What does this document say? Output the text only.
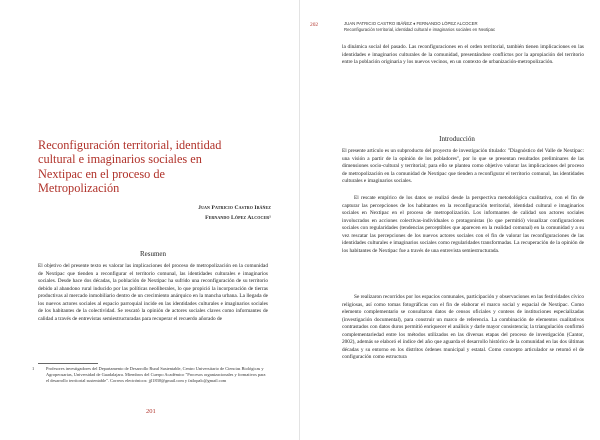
Reconfiguración territorial, identidad cultural e imaginarios sociales en Nextipac en el proceso de Metropolización
Juan Patricio Castro Ibáñez
Fernando López Alcocer¹
Resumen

El objetivo del presente texto es valorar las implicaciones del proceso de metropolización en la comunidad de Nextipac que tienden a reconfigurar el territorio comunal, las identidades culturales e imaginarios sociales. Desde hace dos décadas, la población de Nextipac ha sufrido una reconfiguración de su territorio debido al abandono rural inducido por las políticas neoliberales, lo que propició la incorporación de tierras productivas al mercado inmobiliario dentro de un crecimiento anárquico en la mancha urbana. La llegada de los nuevos actores sociales al espacio parroquial incide en las identidades culturales e imaginarios sociales de los habitantes de la colectividad. Se rescató la opinión de actores sociales claves como informantes de calidad a través de entrevistas semiestructuradas para recuperar el recuerdo añorado de

1	Profesores investigadores del Departamento de Desarrollo Rural Sustentable, Centro Universitario de Ciencias Biológicas y Agropecuarias, Universidad de Guadalajara. Miembros del Cuerpo Académico "Procesos organizacionales y formativos para el desarrollo territorial sustentable". Correos electrónicos: jjl1830@gmail.com y fatlopalc@gmail.com
201
202	JUAN PATRICIO CASTRO IBÁÑEZ ♦ FERNANDO LÓPEZ ALCOCER
Reconfiguración territorial, identidad cultural e imaginarios sociales en Nextipac

la dinámica social del pasado. Las reconfiguraciones en el orden territorial, también tienen implicaciones en las identidades e imaginarios culturales de la comunidad, presentándose conflictos por la apropiación del territorio entre la población originaria y los nuevos vecinos, en un contexto de urbanización-metropolización.

Introducción

El presente artículo es un subproducto del proyecto de investigación titulado: "Diagnóstico del Valle de Nextipac: una visión a partir de la opinión de los pobladores", por lo que se presentan resultados preliminares de las dimensiones socio-cultural y territorial; para ello se plantea como objetivo valorar las implicaciones del proceso de metropolización en la comunidad de Nextipac que tienden a reconfigurar el territorio comunal, las identidades culturales e imaginarios sociales.

El rescate empírico de los datos se realizó desde la perspectiva metodológica cualitativa, con el fin de capturar las percepciones de los habitantes en la reconfiguración territorial, identidad cultural e imaginarios sociales en Nextipac en el proceso de metropolización. Los informantes de calidad son actores sociales involucrados en acciones colectivas-individuales o protagonistas (lo que permitió) visualizar configuraciones sociales con regularidades (tendencias perceptibles que aparecen en la realidad comunal) en la comunidad y a su vez rescatar las percepciones de los nuevos actores sociales con el fin de valorar las reconfiguraciones de las identidades culturales e imaginarios sociales como regularidades transformadas. La recuperación de la opinión de los habitantes de Nextipac fue a través de una entrevista semiestructurada.

Se realizaron recorridos por los espacios comunales, participación y observaciones en las festividades cívico religiosas, así como tomas fotográficas con el fin de elaborar el marco social y espacial de Nextipac. Como elemento complementario se consultaron datos de censos oficiales y conteos de instituciones especializadas (investigación documental), para construir un marco de referencia. La combinación de elementos cualitativos contrastados con datos duros permitió enriquecer el análisis y darle mayor consistencia; la triangulación confirmó complementariedad entre los métodos utilizados en las diversas etapas del proceso de investigación (Cantor, 2002), además se elaboró el índice del año que aguarda el desarrollo histórico de la comunidad en las dos últimas décadas y su entorno en los distritos órdenes municipal y estatal. Como concepto articulador se retomó el de configuración como estructura
